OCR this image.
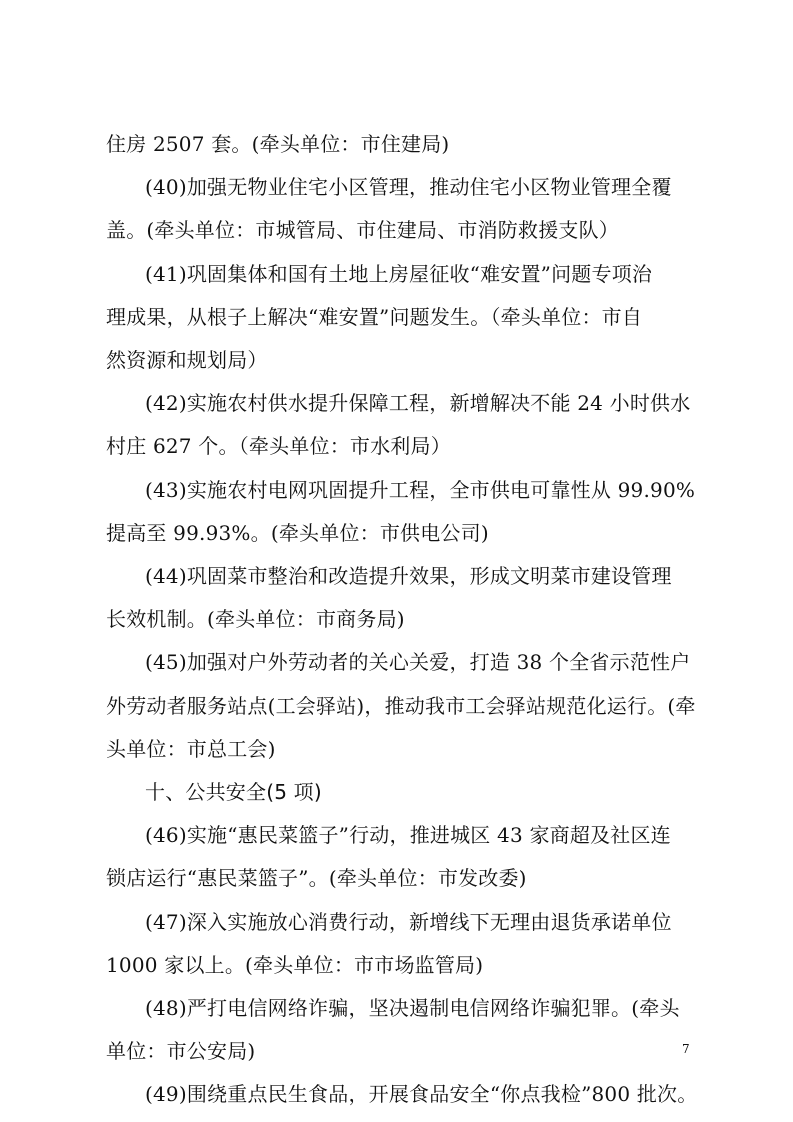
住房 2507 套。(牵头单位：市住建局)
(40)加强无物业住宅小区管理，推动住宅小区物业管理全覆
盖。(牵头单位：市城管局、市住建局、市消防救援支队）
(41)巩固集体和国有土地上房屋征收“难安置”问题专项治
理成果，从根子上解决“难安置”问题发生。（牵头单位：市自
然资源和规划局）
(42)实施农村供水提升保障工程，新增解决不能 24 小时供水
村庄 627 个。（牵头单位：市水利局）
(43)实施农村电网巩固提升工程，全市供电可靠性从 99.90%
提高至 99.93%。(牵头单位：市供电公司)
(44)巩固菜市整治和改造提升效果，形成文明菜市建设管理
长效机制。(牵头单位：市商务局)
(45)加强对户外劳动者的关心关爱，打造 38 个全省示范性户
外劳动者服务站点(工会驿站)，推动我市工会驿站规范化运行。(牵
头单位：市总工会)
十、公共安全(5 项)
(46)实施“惠民菜篮子”行动，推进城区 43 家商超及社区连
锁店运行“惠民菜篮子”。(牵头单位：市发改委)
(47)深入实施放心消费行动，新增线下无理由退货承诺单位
1000 家以上。(牵头单位：市市场监管局)
(48)严打电信网络诈骗，坚决遏制电信网络诈骗犯罪。(牵头
单位：市公安局)
(49)围绕重点民生食品，开展食品安全“你点我检”800 批次。
7
